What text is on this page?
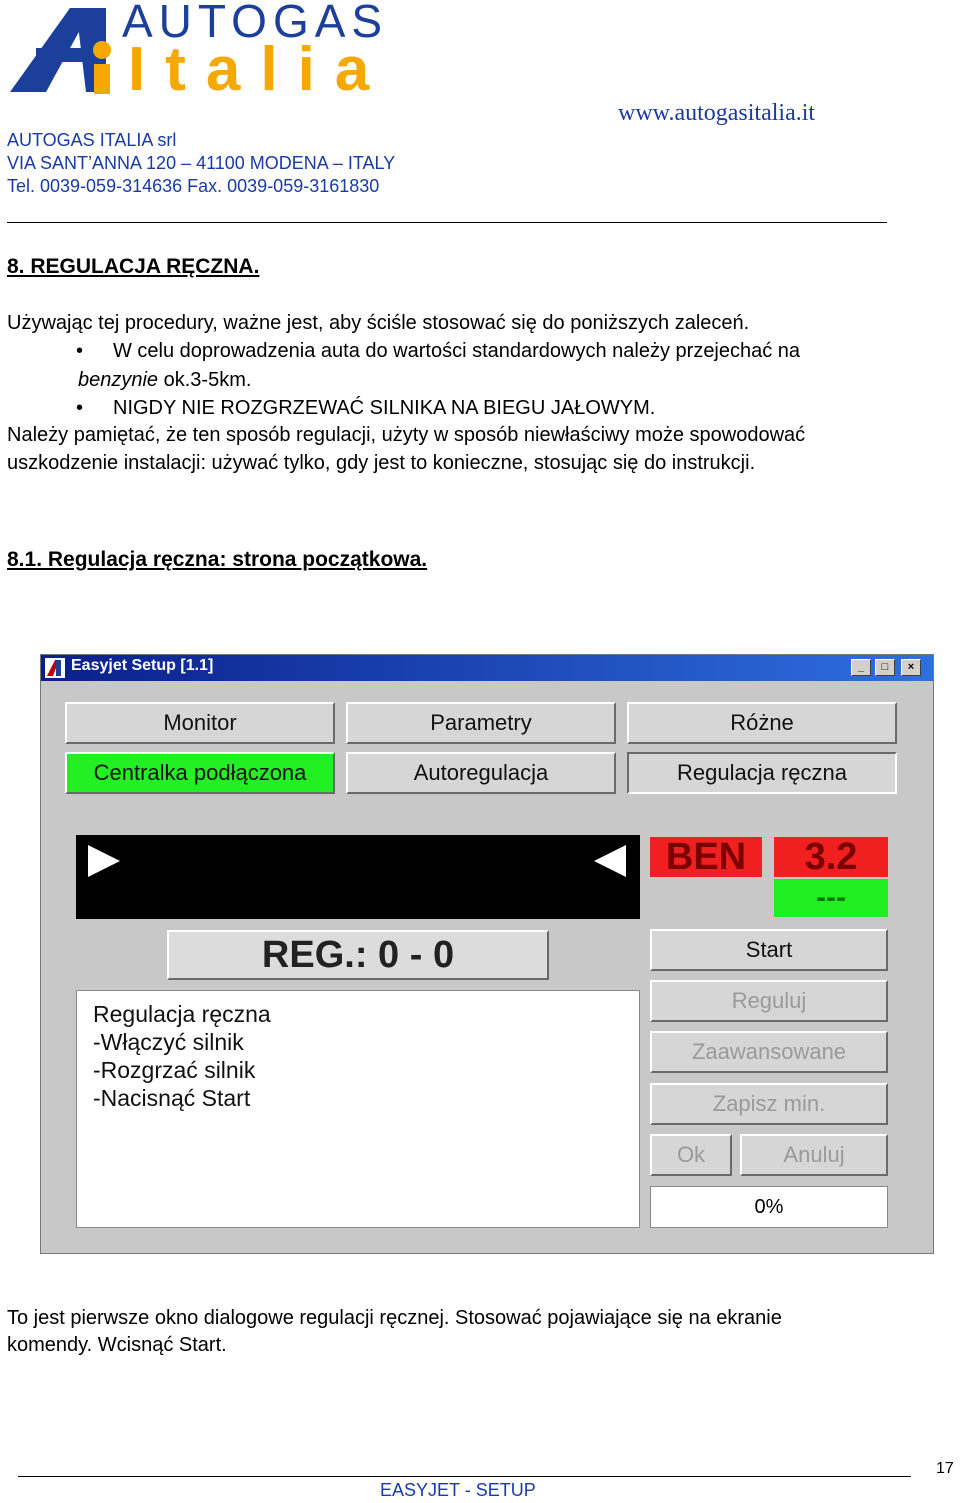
AUTOGAS
Italia
www.autogasitalia.it
AUTOGAS ITALIA srl
VIA SANT’ANNA 120 – 41100 MODENA – ITALY
Tel. 0039-059-314636 Fax. 0039-059-3161830
8. REGULACJA RĘCZNA.
Używając tej procedury, ważne jest, aby ściśle stosować się do poniższych zaleceń.
• W celu doprowadzenia auta do wartości standardowych należy przejechać na
benzynie ok.3-5km.
• NIGDY NIE ROZGRZEWAĆ SILNIKA NA BIEGU JAŁOWYM.
Należy pamiętać, że ten sposób regulacji, użyty w sposób niewłaściwy może spowodować
uszkodzenie instalacji: używać tylko, gdy jest to konieczne, stosując się do instrukcji.
8.1. Regulacja ręczna: strona początkowa.
Easyjet Setup [1.1]	_	□	×
Monitor	Parametry	Różne
Centralka podłączona	Autoregulacja	Regulacja ręczna
BEN	3.2
---
REG.: 0 - 0
Regulacja ręczna
-Włączyć silnik
-Rozgrzać silnik
-Nacisnąć Start
Start
Reguluj
Zaawansowane
Zapisz min.
Ok	Anuluj
0%
To jest pierwsze okno dialogowe regulacji ręcznej. Stosować pojawiające się na ekranie
komendy. Wcisnąć Start.
17
EASYJET - SETUP
